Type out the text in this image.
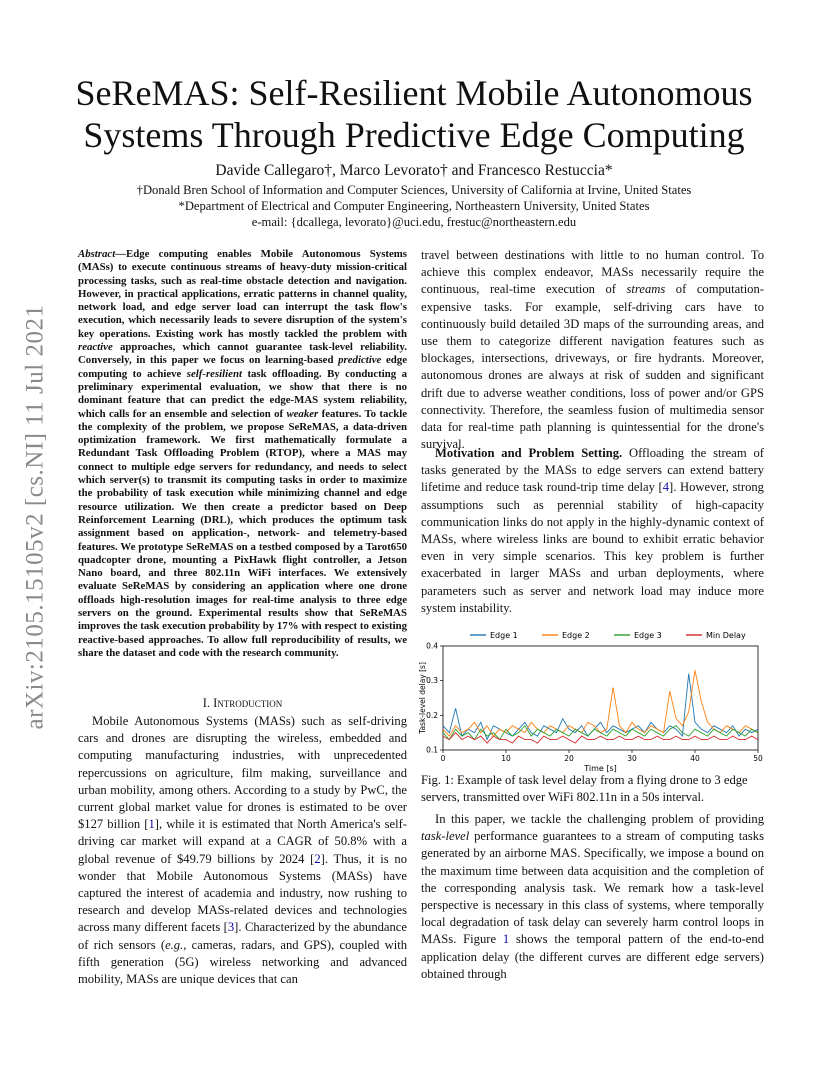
arXiv:2105.15105v2 [cs.NI] 11 Jul 2021
SeReMAS: Self-Resilient Mobile Autonomous
Systems Through Predictive Edge Computing
Davide Callegaro†, Marco Levorato† and Francesco Restuccia*
†Donald Bren School of Information and Computer Sciences, University of California at Irvine, United States
*Department of Electrical and Computer Engineering, Northeastern University, United States
e-mail: {dcallega, levorato}@uci.edu, frestuc@northeastern.edu
Abstract—Edge computing enables Mobile Autonomous Systems (MASs) to execute continuous streams of heavy-duty mission-critical processing tasks, such as real-time obstacle detection and navigation. However, in practical applications, erratic patterns in channel quality, network load, and edge server load can interrupt the task flow's execution, which necessarily leads to severe disruption of the system's key operations. Existing work has mostly tackled the problem with reactive approaches, which cannot guarantee task-level reliability. Conversely, in this paper we focus on learning-based predictive edge computing to achieve self-resilient task offloading. By conducting a preliminary experimental evaluation, we show that there is no dominant feature that can predict the edge-MAS system reliability, which calls for an ensemble and selection of weaker features. To tackle the complexity of the problem, we propose SeReMAS, a data-driven optimization framework. We first mathematically formulate a Redundant Task Offloading Problem (RTOP), where a MAS may connect to multiple edge servers for redundancy, and needs to select which server(s) to transmit its computing tasks in order to maximize the probability of task execution while minimizing channel and edge resource utilization. We then create a predictor based on Deep Reinforcement Learning (DRL), which produces the optimum task assignment based on application-, network- and telemetry-based features. We prototype SeReMAS on a testbed composed by a Tarot650 quadcopter drone, mounting a PixHawk flight controller, a Jetson Nano board, and three 802.11n WiFi interfaces. We extensively evaluate SeReMAS by considering an application where one drone offloads high-resolution images for real-time analysis to three edge servers on the ground. Experimental results show that SeReMAS improves the task execution probability by 17% with respect to existing reactive-based approaches. To allow full reproducibility of results, we share the dataset and code with the research community.
I. Introduction

Mobile Autonomous Systems (MASs) such as self-driving cars and drones are disrupting the wireless, embedded and computing manufacturing industries, with unprecedented repercussions on agriculture, film making, surveillance and urban mobility, among others. According to a study by PwC, the current global market value for drones is estimated to be over $127 billion [1], while it is estimated that North America's self-driving car market will expand at a CAGR of 50.8% with a global revenue of $49.79 billions by 2024 [2]. Thus, it is no wonder that Mobile Autonomous Systems (MASs) have captured the interest of academia and industry, now rushing to research and develop MASs-related devices and technologies across many different facets [3]. Characterized by the abundance of rich sensors (e.g., cameras, radars, and GPS), coupled with fifth generation (5G) wireless networking and advanced mobility, MASs are unique devices that can

travel between destinations with little to no human control. To achieve this complex endeavor, MASs necessarily require the continuous, real-time execution of streams of computation-expensive tasks. For example, self-driving cars have to continuously build detailed 3D maps of the surrounding areas, and use them to categorize different navigation features such as blockages, intersections, driveways, or fire hydrants. Moreover, autonomous drones are always at risk of sudden and significant drift due to adverse weather conditions, loss of power and/or GPS connectivity. Therefore, the seamless fusion of multimedia sensor data for real-time path planning is quintessential for the drone's survival.

Motivation and Problem Setting. Offloading the stream of tasks generated by the MASs to edge servers can extend battery lifetime and reduce task round-trip time delay [4]. However, strong assumptions such as perennial stability of high-capacity communication links do not apply in the highly-dynamic context of MASs, where wireless links are bound to exhibit erratic behavior even in very simple scenarios. This key problem is further exacerbated in larger MASs and urban deployments, where parameters such as server and network load may induce more system instability.

Edge 1	Edge 2	Edge 3	Min Delay
0	10	20	30	40	50
0.1
0.2
0.3
0.4
Time [s]
Task-level delay [s]
Fig. 1: Example of task level delay from a flying drone to 3 edge servers, transmitted over WiFi 802.11n in a 50s interval.

In this paper, we tackle the challenging problem of providing task-level performance guarantees to a stream of computing tasks generated by an airborne MAS. Specifically, we impose a bound on the maximum time between data acquisition and the completion of the corresponding analysis task. We remark how a task-level perspective is necessary in this class of systems, where temporally local degradation of task delay can severely harm control loops in MASs. Figure 1 shows the temporal pattern of the end-to-end application delay (the different curves are different edge servers) obtained through
